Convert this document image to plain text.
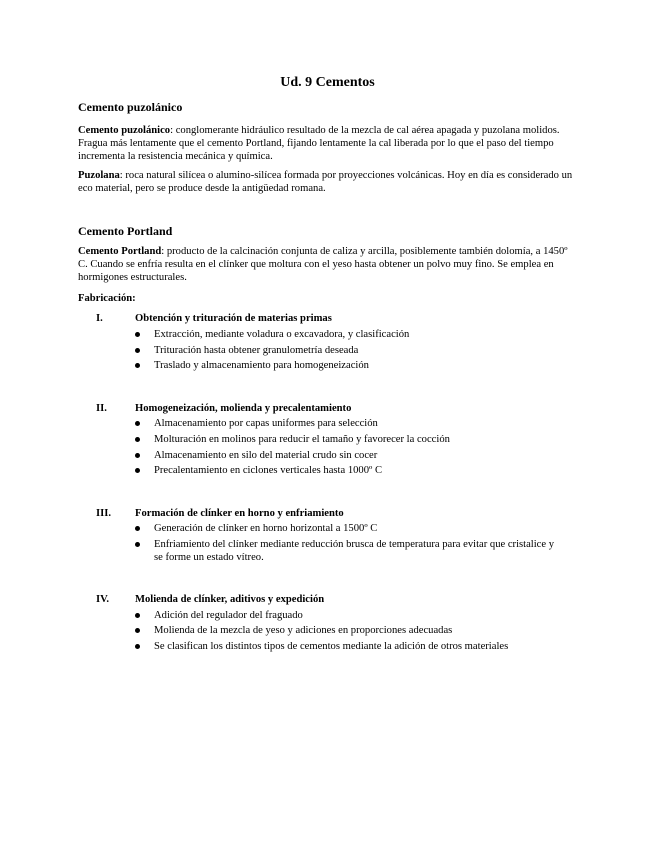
Ud. 9 Cementos
Cemento puzolánico
Cemento puzolánico: conglomerante hidráulico resultado de la mezcla de cal aérea apagada y puzolana molidos. Fragua más lentamente que el cemento Portland, fijando lentamente la cal liberada por lo que el paso del tiempo incrementa la resistencia mecánica y química.
Puzolana: roca natural silícea o alumino-silícea formada por proyecciones volcánicas. Hoy en día es considerado un eco material, pero se produce desde la antigüedad romana.
Cemento Portland
Cemento Portland: producto de la calcinación conjunta de caliza y arcilla, posiblemente también dolomía, a 1450º C. Cuando se enfría resulta en el clínker que moltura con el yeso hasta obtener un polvo muy fino. Se emplea en hormigones estructurales.
Fabricación:
I.	Obtención y trituración de materias primas
Extracción, mediante voladura o excavadora, y clasificación
Trituración hasta obtener granulometría deseada
Traslado y almacenamiento para homogeneización
II.	Homogeneización, molienda y precalentamiento
Almacenamiento por capas uniformes para selección
Molturación en molinos para reducir el tamaño y favorecer la cocción
Almacenamiento en silo del material crudo sin cocer
Precalentamiento en ciclones verticales hasta 1000º C
III. Formación de clínker en horno y enfriamiento
Generación de clínker en horno horizontal a 1500º C
Enfriamiento del clínker mediante reducción brusca de temperatura para evitar que cristalice y se forme un estado vítreo.
IV. Molienda de clínker, aditivos y expedición
Adición del regulador del fraguado
Molienda de la mezcla de yeso y adiciones en proporciones adecuadas
Se clasifican los distintos tipos de cementos mediante la adición de otros materiales
